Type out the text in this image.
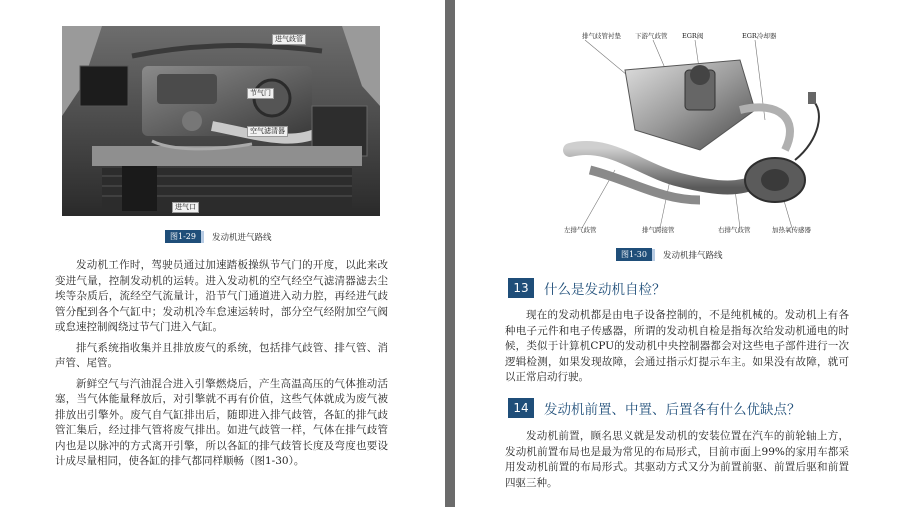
进气歧管
节气门
空气滤清器
进气口
图1-29	发动机进气路线

发动机工作时，驾驶员通过加速踏板操纵节气门的开度，以此来改变进气量，控制发动机的运转。进入发动机的空气经空气滤清器滤去尘埃等杂质后，流经空气流量计，沿节气门通道进入动力腔，再经进气歧管分配到各个气缸中；发动机冷车怠速运转时，部分空气经附加空气阀或怠速控制阀绕过节气门进入气缸。

排气系统指收集并且排放废气的系统，包括排气歧管、排气管、消声管、尾管。

新鲜空气与汽油混合进入引擎燃烧后，产生高温高压的气体推动活塞，当气体能量释放后，对引擎就不再有价值，这些气体就成为废气被排放出引擎外。废气自气缸排出后，随即进入排气歧管，各缸的排气歧管汇集后，经过排气管将废气排出。如进气歧管一样，气体在排气歧管内也是以脉冲的方式离开引擎，所以各缸的排气歧管长度及弯度也要设计成尽量相同，使各缸的排气都同样顺畅（图1-30）。

排气歧管衬垫 下游气歧管 EGR阀	EGR冷却器
左排气歧管	排气跨接管	右排气歧管	加热氧传感器
图1-30	发动机排气路线
13	什么是发动机自检？

现在的发动机都是由电子设备控制的，不是纯机械的。发动机上有各种电子元件和电子传感器，所谓的发动机自检是指每次给发动机通电的时候，类似于计算机CPU的发动机中央控制器都会对这些电子部件进行一次逻辑检测，如果发现故障，会通过指示灯提示车主。如果没有故障，就可以正常启动行驶。

14	发动机前置、中置、后置各有什么优缺点？

发动机前置，顾名思义就是发动机的安装位置在汽车的前轮轴上方，发动机前置布局也是最为常见的布局形式，目前市面上99%的家用车都采用发动机前置的布局形式。其驱动方式又分为前置前驱、前置后驱和前置四驱三种。
